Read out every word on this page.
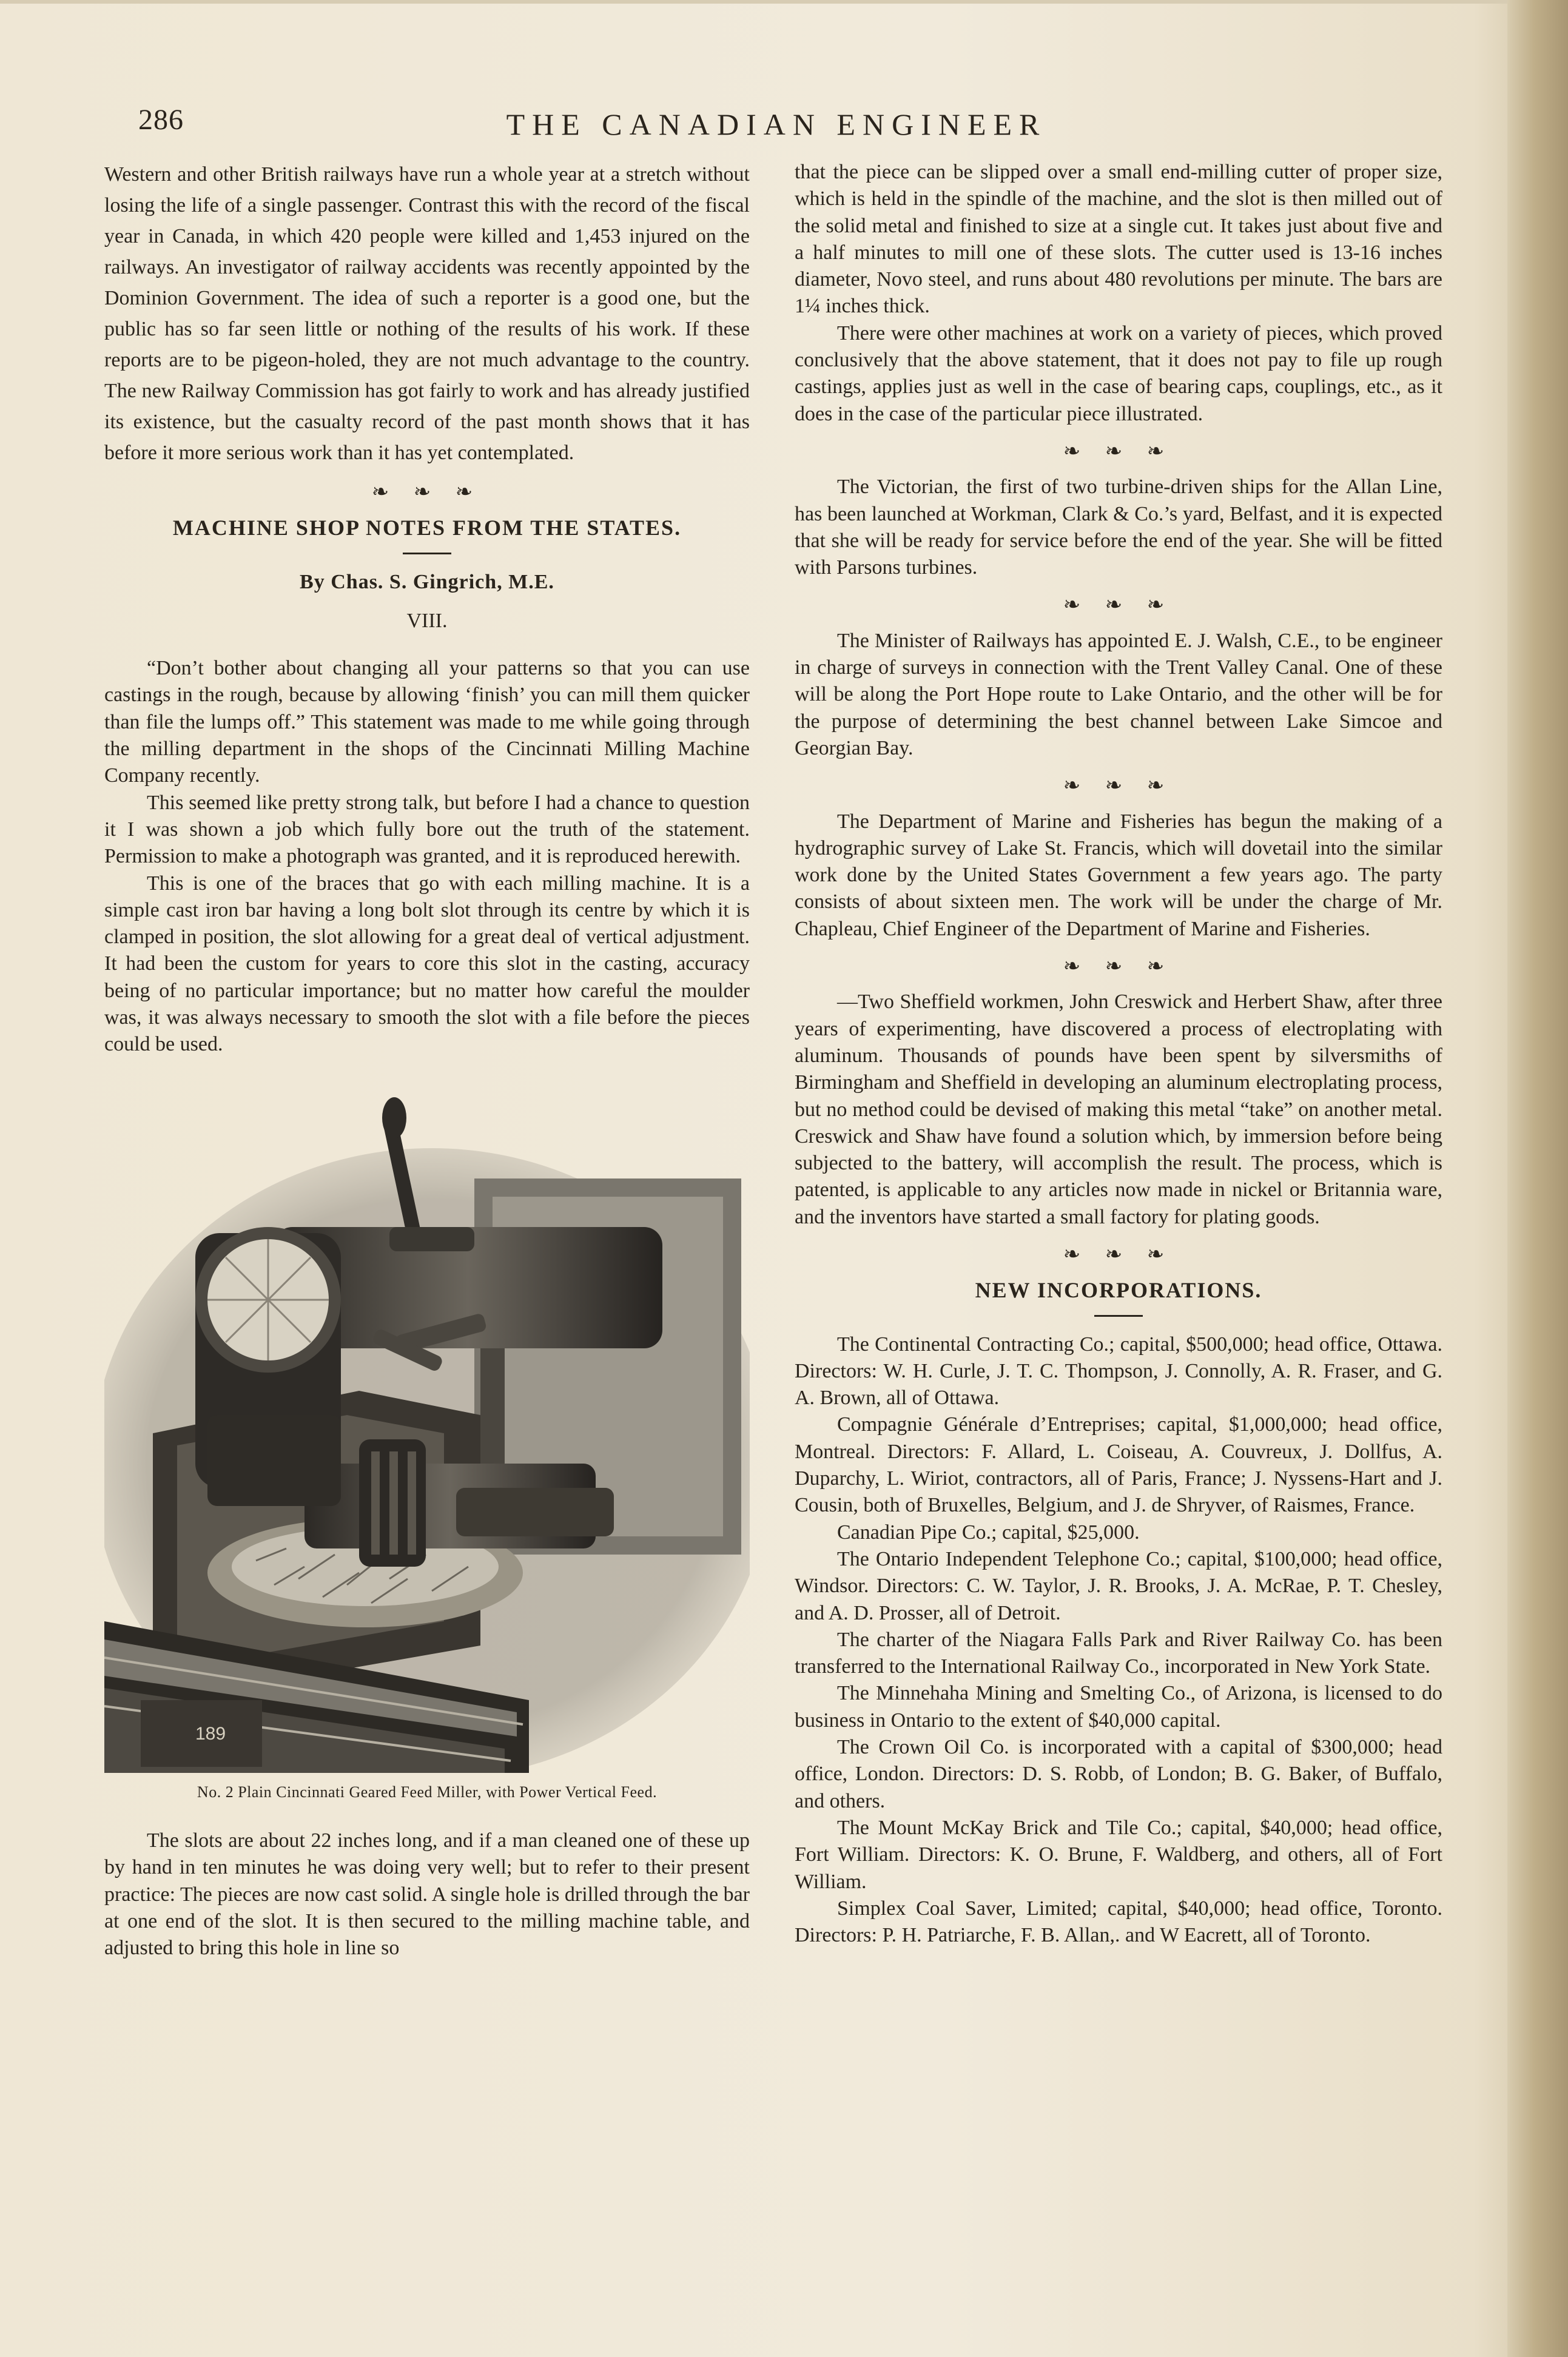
286	THE CANADIAN ENGINEER

Western and other British railways have run a whole year at a stretch without losing the life of a single passenger. Contrast this with the record of the fiscal year in Canada, in which 420 people were killed and 1,453 injured on the railways. An investigator of railway accidents was recently appointed by the Dominion Government. The idea of such a reporter is a good one, but the public has so far seen little or nothing of the results of his work. If these reports are to be pigeon-holed, they are not much advantage to the country. The new Railway Commission has got fairly to work and has already justified its existence, but the casualty record of the past month shows that it has before it more serious work than it has yet contemplated.

❧ ❧ ❧
MACHINE SHOP NOTES FROM THE STATES.
By Chas. S. Gingrich, M.E.
VIII.

“Don’t bother about changing all your patterns so that you can use castings in the rough, because by allowing ‘finish’ you can mill them quicker than file the lumps off.” This statement was made to me while going through the milling department in the shops of the Cincinnati Milling Machine Company recently.

This seemed like pretty strong talk, but before I had a chance to question it I was shown a job which fully bore out the truth of the statement. Permission to make a photograph was granted, and it is reproduced herewith.

This is one of the braces that go with each milling machine. It is a simple cast iron bar having a long bolt slot through its centre by which it is clamped in position, the slot allowing for a great deal of vertical adjustment. It had been the custom for years to core this slot in the casting, accuracy being of no particular importance; but no matter how careful the moulder was, it was always necessary to smooth the slot with a file before the pieces could be used.

189
No. 2 Plain Cincinnati Geared Feed Miller, with Power Vertical Feed.

The slots are about 22 inches long, and if a man cleaned one of these up by hand in ten minutes he was doing very well; but to refer to their present practice: The pieces are now cast solid. A single hole is drilled through the bar at one end of the slot. It is then secured to the milling machine table, and adjusted to bring this hole in line so

that the piece can be slipped over a small end-milling cutter of proper size, which is held in the spindle of the machine, and the slot is then milled out of the solid metal and finished to size at a single cut. It takes just about five and a half minutes to mill one of these slots. The cutter used is 13-16 inches diameter, Novo steel, and runs about 480 revolutions per minute. The bars are 1¼ inches thick.

There were other machines at work on a variety of pieces, which proved conclusively that the above statement, that it does not pay to file up rough castings, applies just as well in the case of bearing caps, couplings, etc., as it does in the case of the particular piece illustrated.

❧ ❧ ❧

The Victorian, the first of two turbine-driven ships for the Allan Line, has been launched at Workman, Clark & Co.’s yard, Belfast, and it is expected that she will be ready for service before the end of the year. She will be fitted with Parsons turbines.

❧ ❧ ❧

The Minister of Railways has appointed E. J. Walsh, C.E., to be engineer in charge of surveys in connection with the Trent Valley Canal. One of these will be along the Port Hope route to Lake Ontario, and the other will be for the purpose of determining the best channel between Lake Simcoe and Georgian Bay.

❧ ❧ ❧

The Department of Marine and Fisheries has begun the making of a hydrographic survey of Lake St. Francis, which will dovetail into the similar work done by the United States Government a few years ago. The party consists of about sixteen men. The work will be under the charge of Mr. Chapleau, Chief Engineer of the Department of Marine and Fisheries.

❧ ❧ ❧

—Two Sheffield workmen, John Creswick and Herbert Shaw, after three years of experimenting, have discovered a process of electroplating with aluminum. Thousands of pounds have been spent by silversmiths of Birmingham and Sheffield in developing an aluminum electroplating process, but no method could be devised of making this metal “take” on another metal. Creswick and Shaw have found a solution which, by immersion before being subjected to the battery, will accomplish the result. The process, which is patented, is applicable to any articles now made in nickel or Britannia ware, and the inventors have started a small factory for plating goods.

❧ ❧ ❧
NEW INCORPORATIONS.

The Continental Contracting Co.; capital, $500,000; head office, Ottawa. Directors: W. H. Curle, J. T. C. Thompson, J. Connolly, A. R. Fraser, and G. A. Brown, all of Ottawa.

Compagnie Générale d’Entreprises; capital, $1,000,000; head office, Montreal. Directors: F. Allard, L. Coiseau, A. Couvreux, J. Dollfus, A. Duparchy, L. Wiriot, contractors, all of Paris, France; J. Nyssens-Hart and J. Cousin, both of Bruxelles, Belgium, and J. de Shryver, of Raismes, France.

Canadian Pipe Co.; capital, $25,000.

The Ontario Independent Telephone Co.; capital, $100,000; head office, Windsor. Directors: C. W. Taylor, J. R. Brooks, J. A. McRae, P. T. Chesley, and A. D. Prosser, all of Detroit.

The charter of the Niagara Falls Park and River Railway Co. has been transferred to the International Railway Co., incorporated in New York State.

The Minnehaha Mining and Smelting Co., of Arizona, is licensed to do business in Ontario to the extent of $40,000 capital.

The Crown Oil Co. is incorporated with a capital of $300,000; head office, London. Directors: D. S. Robb, of London; B. G. Baker, of Buffalo, and others.

The Mount McKay Brick and Tile Co.; capital, $40,000; head office, Fort William. Directors: K. O. Brune, F. Waldberg, and others, all of Fort William.

Simplex Coal Saver, Limited; capital, $40,000; head office, Toronto. Directors: P. H. Patriarche, F. B. Allan,. and W Eacrett, all of Toronto.
